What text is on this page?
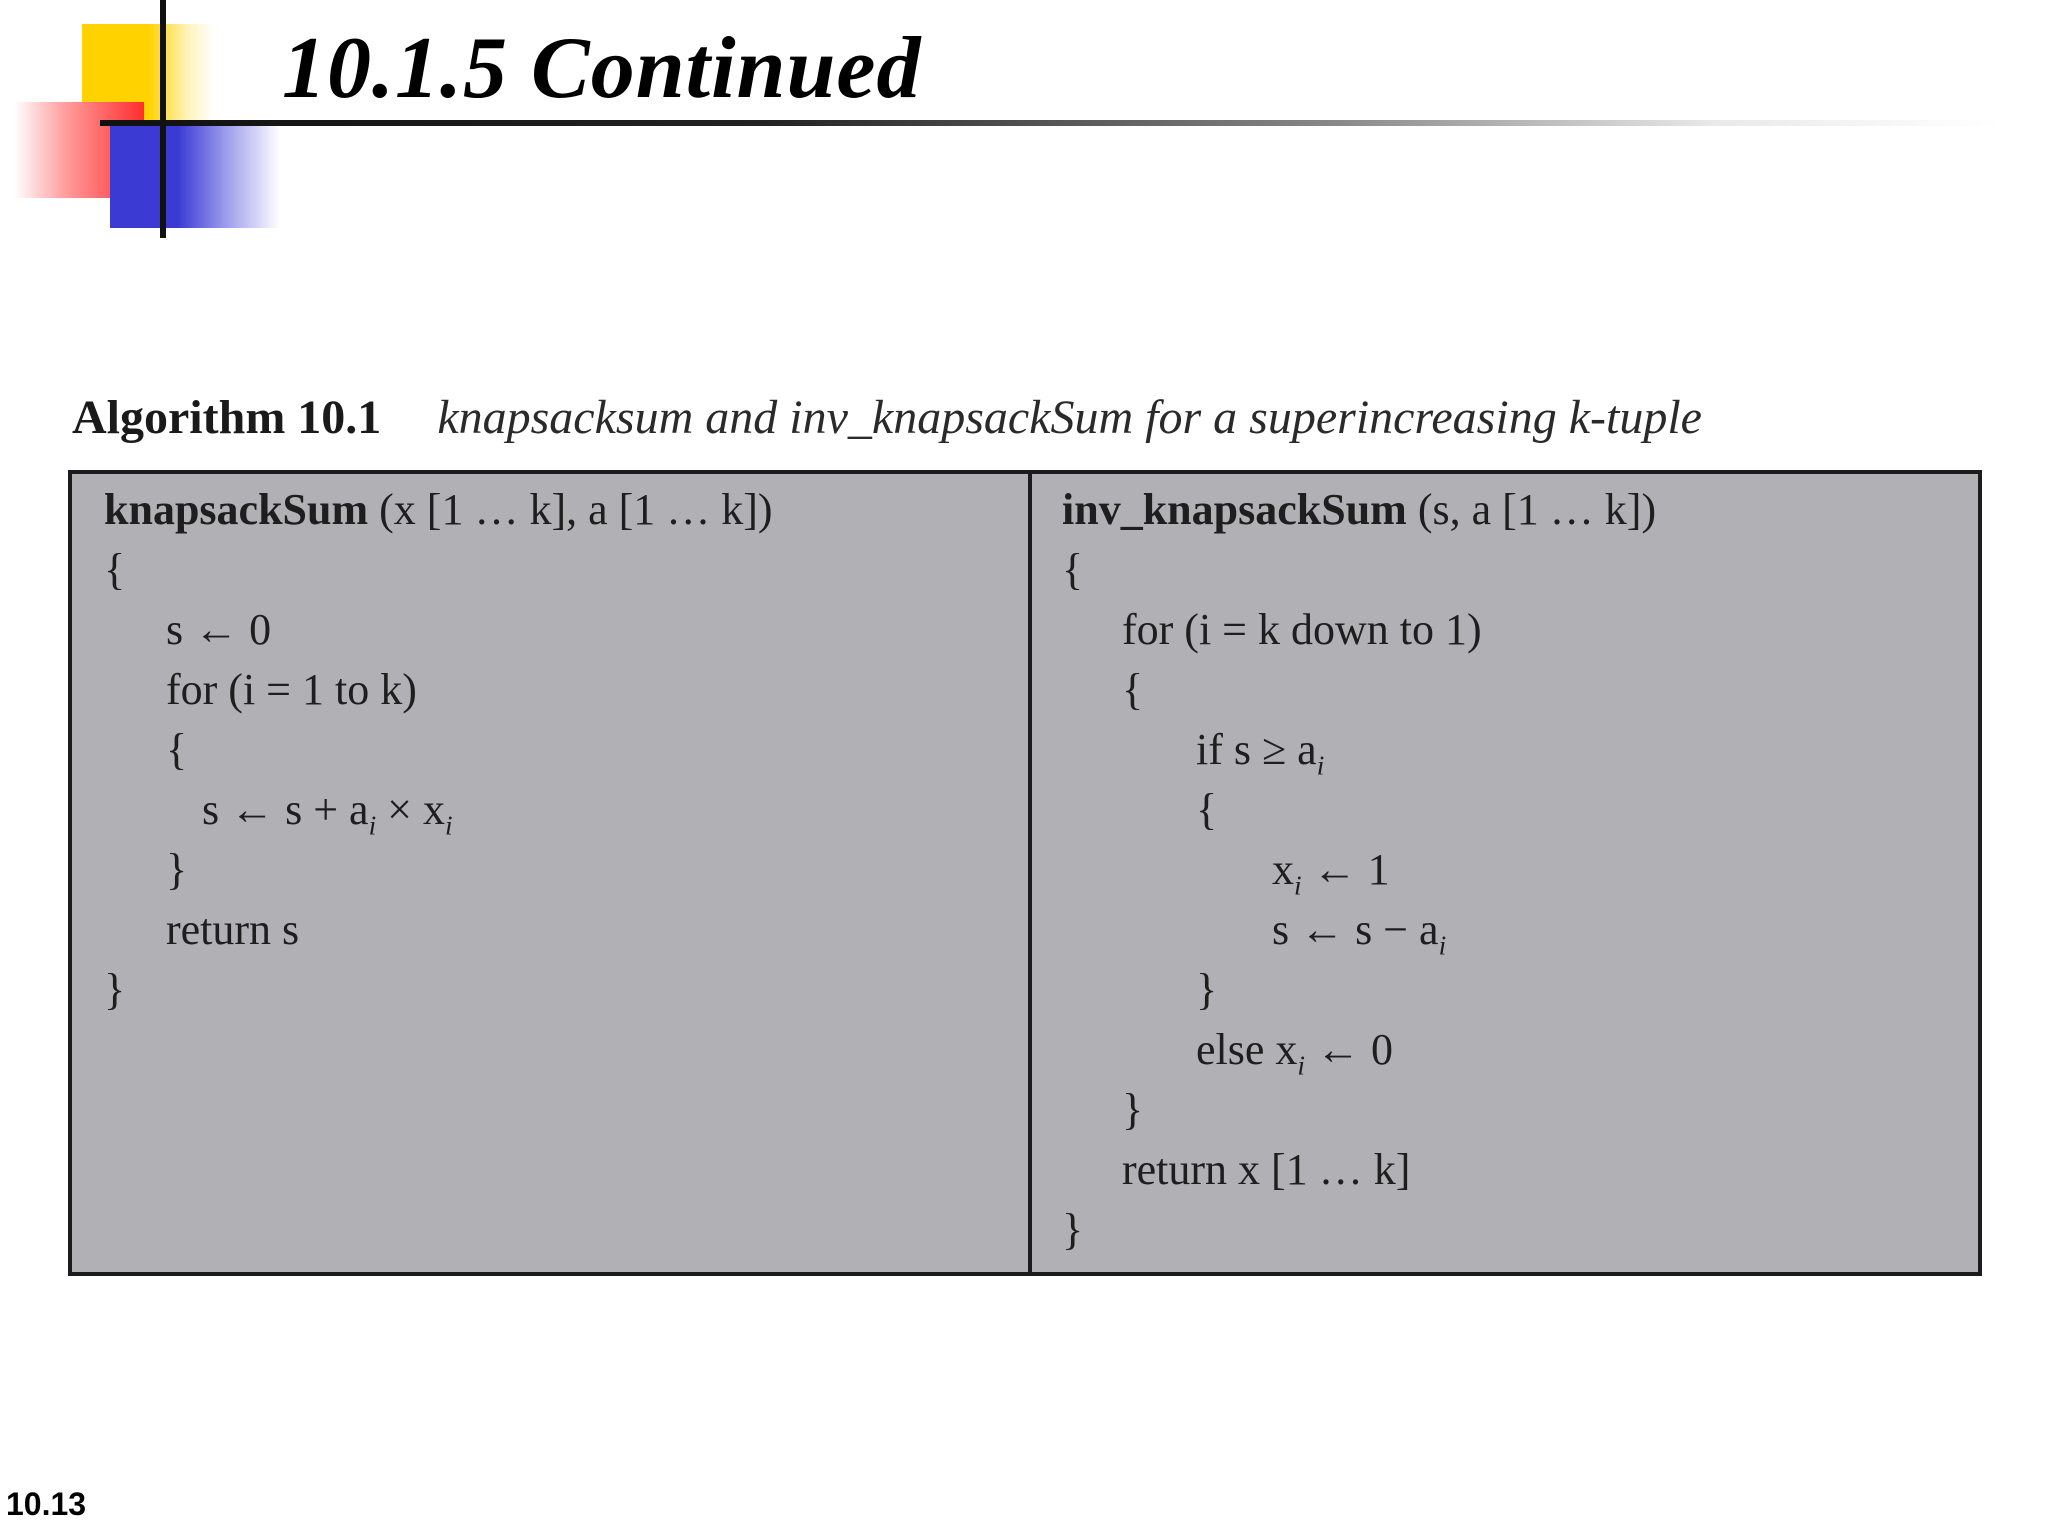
10.1.5 Continued
Algorithm 10.1 knapsacksum and inv_knapsackSum for a superincreasing k-tuple
knapsackSum (x [1 … k], a [1 … k])
{
s ← 0
for (i = 1 to k)
{
s ← $s + a_i \times x_i$
}
return s
}
inv_knapsackSum (s, a [1 … k])
{
for (i = k down to 1)
{
if $s \ge a_i$
{
$x_i$ ← 1
s ← $s - a_i$
}
else $x_i$ ← 0
}
return x [1 … k]
}
10.13
